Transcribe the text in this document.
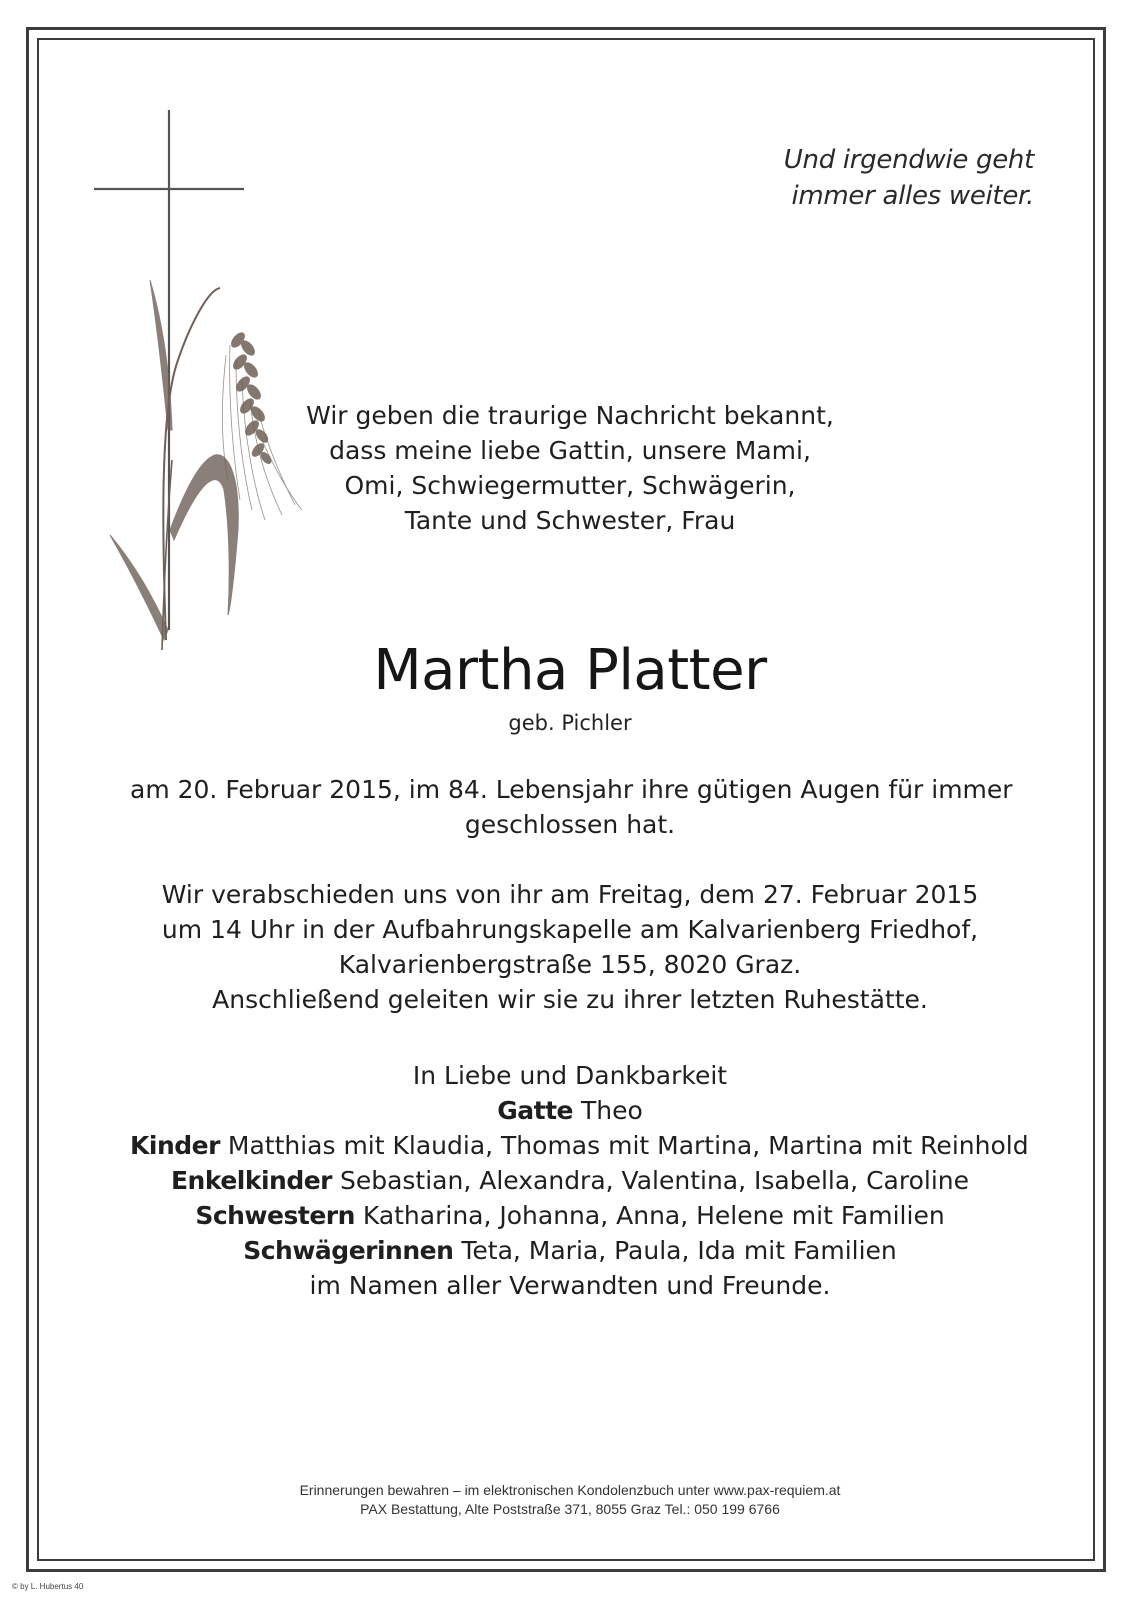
Und irgendwie geht
immer alles weiter.
Wir geben die traurige Nachricht bekannt,
dass meine liebe Gattin, unsere Mami,
Omi, Schwiegermutter, Schwägerin,
Tante und Schwester, Frau
Martha Platter
geb. Pichler
am 20. Februar 2015, im 84. Lebensjahr ihre gütigen Augen für immer
geschlossen hat.
Wir verabschieden uns von ihr am Freitag, dem 27. Februar 2015
um 14 Uhr in der Aufbahrungskapelle am Kalvarienberg Friedhof,
Kalvarienbergstraße 155, 8020 Graz.
Anschließend geleiten wir sie zu ihrer letzten Ruhestätte.
In Liebe und Dankbarkeit
Gatte Theo
Kinder Matthias mit Klaudia, Thomas mit Martina, Martina mit Reinhold
Enkelkinder Sebastian, Alexandra, Valentina, Isabella, Caroline
Schwestern Katharina, Johanna, Anna, Helene mit Familien
Schwägerinnen Teta, Maria, Paula, Ida mit Familien
im Namen aller Verwandten und Freunde.
Erinnerungen bewahren – im elektronischen Kondolenzbuch unter www.pax-requiem.at
PAX Bestattung, Alte Poststraße 371, 8055 Graz Tel.: 050 199 6766
© by L. Hubertus 40
